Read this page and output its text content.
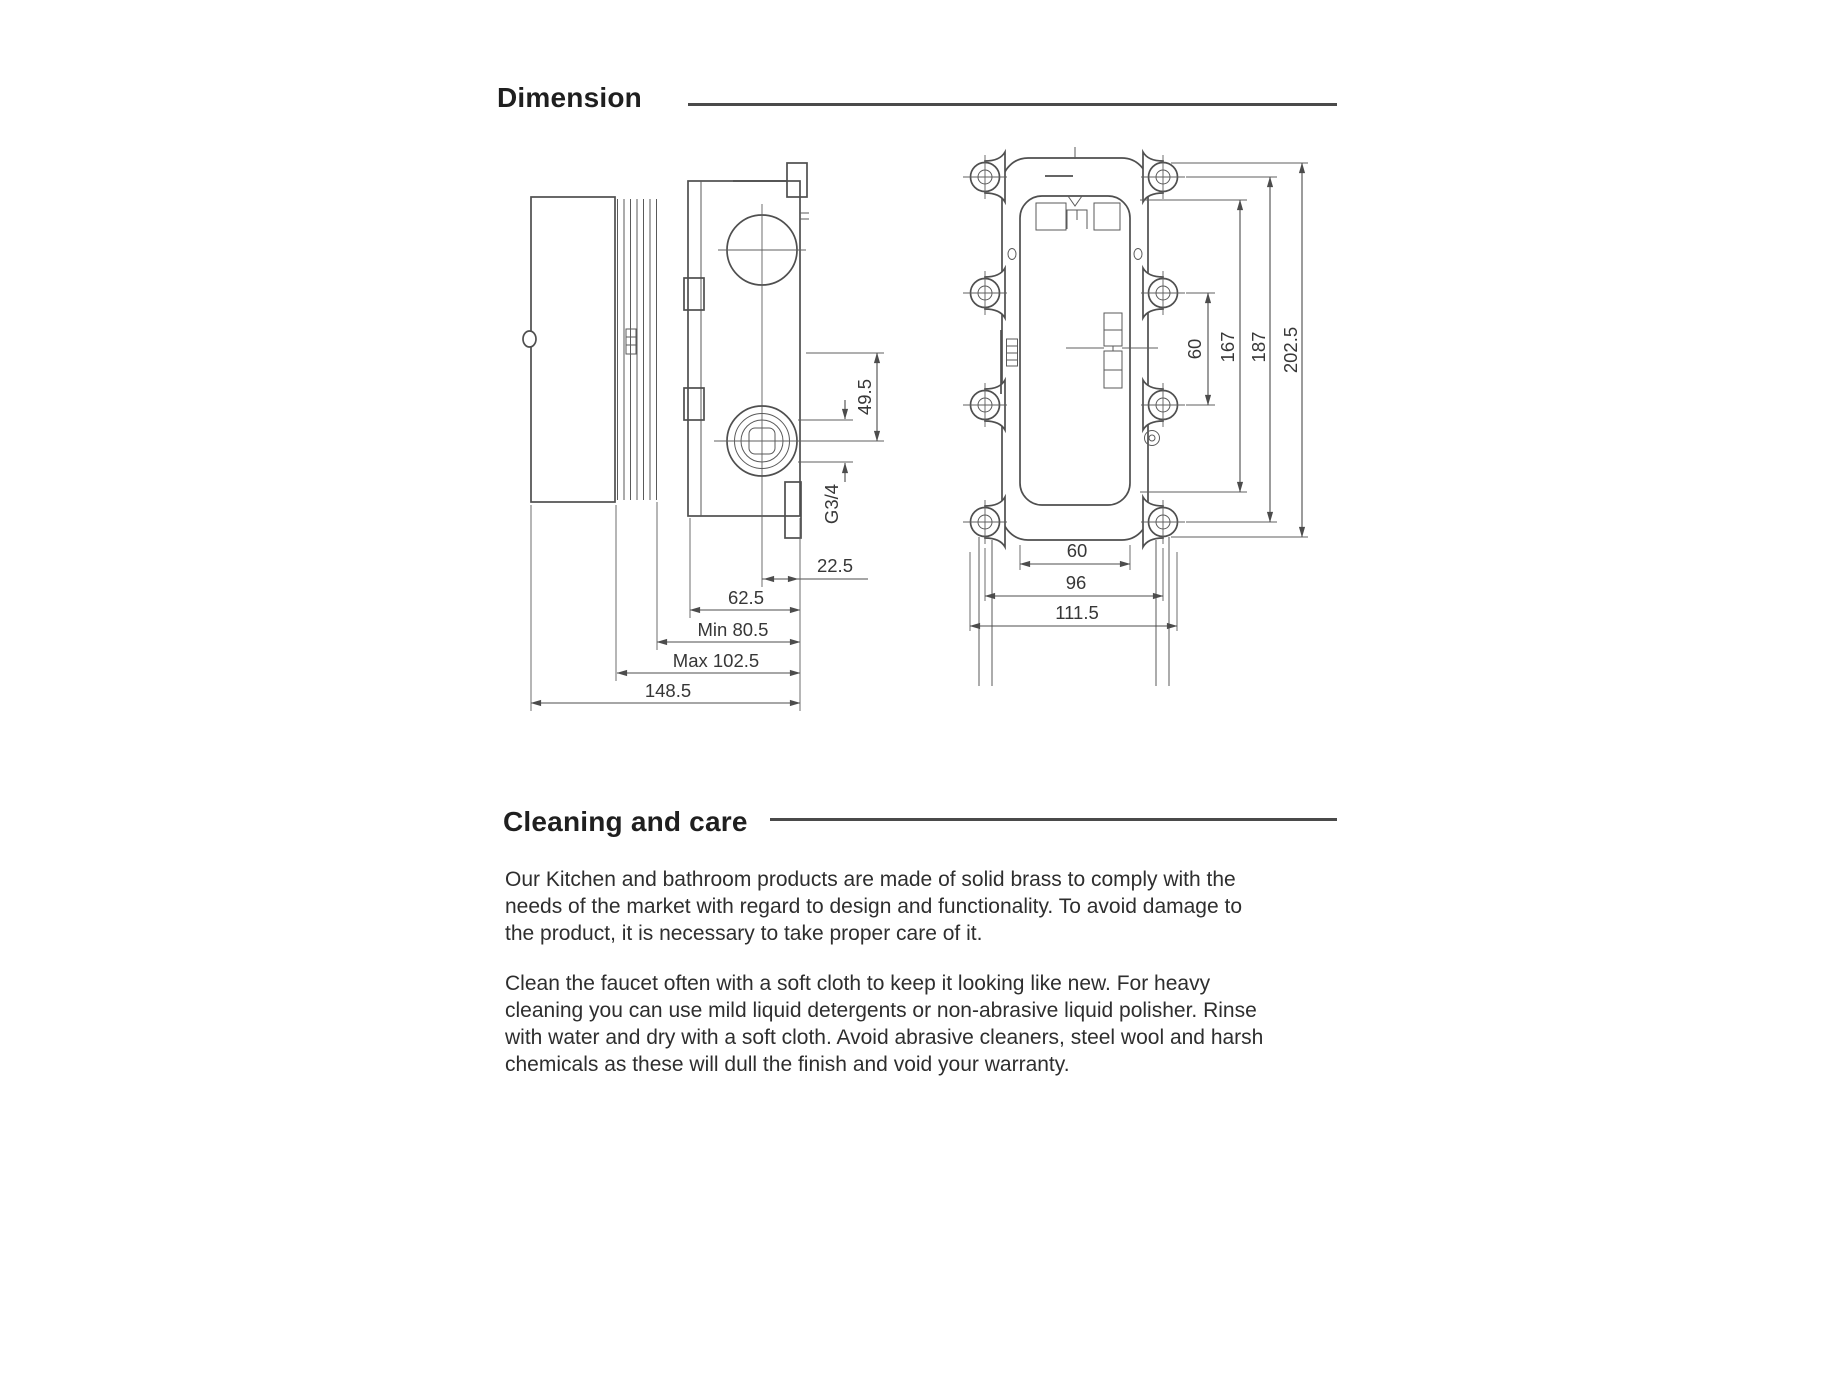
Dimension
49.5
G3/4
22.5
62.5
Min 80.5
Max 102.5
148.5
60
96
111.5
60 167 187 202.5
Cleaning and care
Our Kitchen and bathroom products are made of solid brass to comply with the
needs of the market with regard to design and functionality. To avoid damage to
the product, it is necessary to take proper care of it.
Clean the faucet often with a soft cloth to keep it looking like new. For heavy
cleaning you can use mild liquid detergents or non-abrasive liquid polisher. Rinse
with water and dry with a soft cloth. Avoid abrasive cleaners, steel wool and harsh
chemicals as these will dull the finish and void your warranty.
